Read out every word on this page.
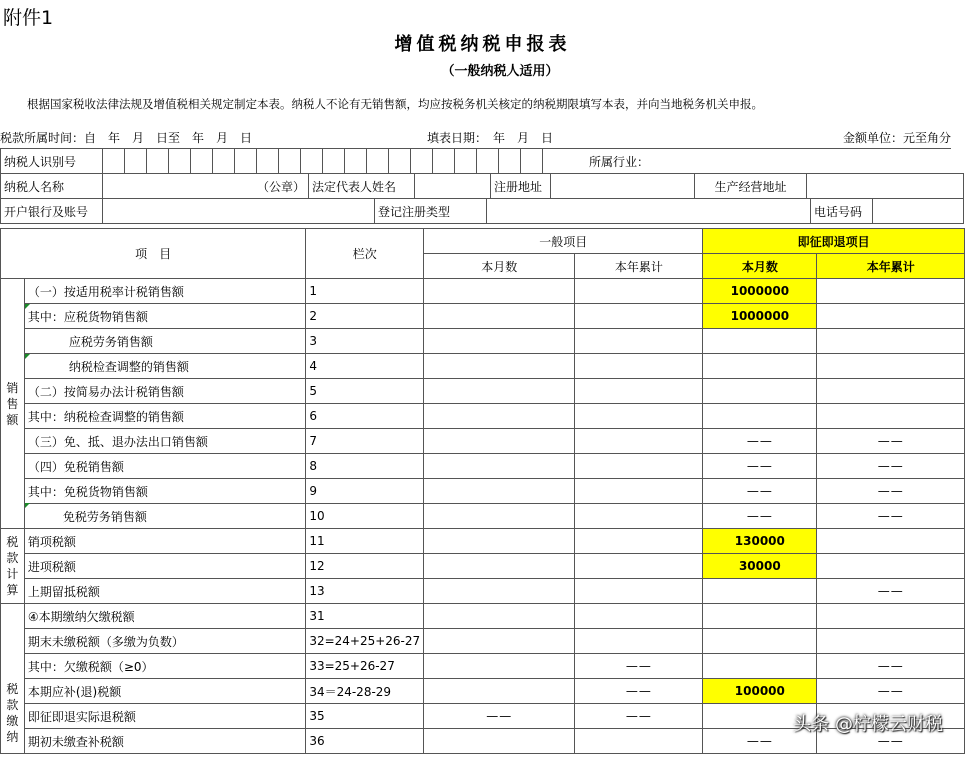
附件1
增值税纳税申报表
（一般纳税人适用）
根据国家税收法律法规及增值税相关规定制定本表。纳税人不论有无销售额，均应按税务机关核定的纳税期限填写本表，并向当地税务机关申报。
税款所属时间：自　年　月　日至　年　月　日	填表日期：　年　月　日	金额单位：元至角分
纳税人识别号																					所属行业：
纳税人名称	（公章）	法定代表人姓名		注册地址		生产经营地址	
开户银行及账号		登记注册类型		电话号码	
项　目		栏次	一般项目		即征即退项目	
			本月数	本年累计	本月数	本年累计
销售额	（一）按适用税率计税销售额	1			1000000	
	其中：应税货物销售额	2			1000000	
	应税劳务销售额	3				
	纳税检查调整的销售额	4				
	（二）按简易办法计税销售额	5				
	其中：纳税检查调整的销售额	6				
	（三）免、抵、退办法出口销售额	7			——	——
	（四）免税销售额	8			——	——
	其中：免税货物销售额	9			——	——
	免税劳务销售额	10			——	——
税款计算	销项税额	11			130000	
	进项税额	12			30000	
	上期留抵税额	13				——
税款缴纳	④本期缴纳欠缴税额	31				
	期末未缴税额（多缴为负数）	32=24+25+26-27				
	其中：欠缴税额（≥0）	33=25+26-27		——		——
	本期应补(退)税额	34＝24-28-29		——	100000	——
	即征即退实际退税额	35	——	——		
	期初未缴查补税额	36			——	——
头条 @柠檬云财税
